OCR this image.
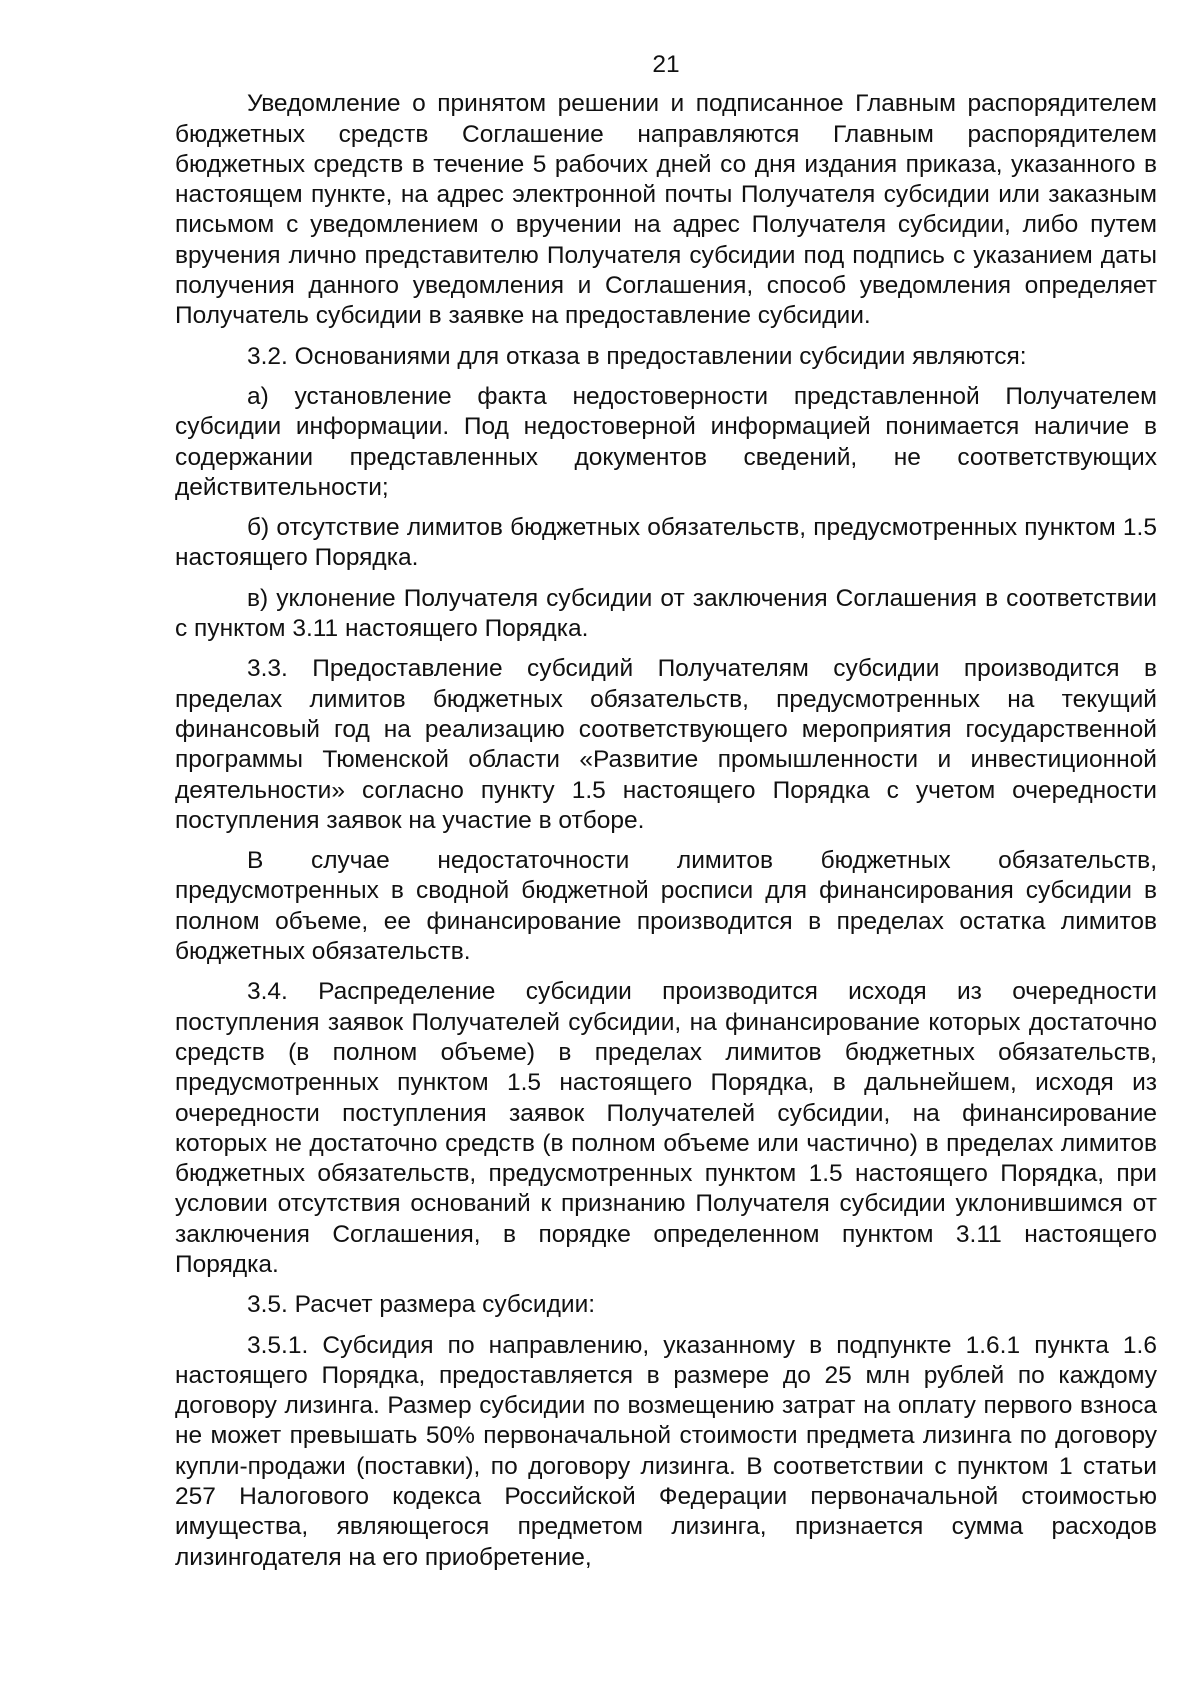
21

Уведомление о принятом решении и подписанное Главным распорядителем бюджетных средств Соглашение направляются Главным распорядителем бюджетных средств в течение 5 рабочих дней со дня издания приказа, указанного в настоящем пункте, на адрес электронной почты Получателя субсидии или заказным письмом с уведомлением о вручении на адрес Получателя субсидии, либо путем вручения лично представителю Получателя субсидии под подпись с указанием даты получения данного уведомления и Соглашения, способ уведомления определяет Получатель субсидии в заявке на предоставление субсидии.

3.2. Основаниями для отказа в предоставлении субсидии являются:

а) установление факта недостоверности представленной Получателем субсидии информации. Под недостоверной информацией понимается наличие в содержании представленных документов сведений, не соответствующих действительности;

б) отсутствие лимитов бюджетных обязательств, предусмотренных пунктом 1.5 настоящего Порядка.

в) уклонение Получателя субсидии от заключения Соглашения в соответствии с пунктом 3.11 настоящего Порядка.

3.3. Предоставление субсидий Получателям субсидии производится в пределах лимитов бюджетных обязательств, предусмотренных на текущий финансовый год на реализацию соответствующего мероприятия государственной программы Тюменской области «Развитие промышленности и инвестиционной деятельности» согласно пункту 1.5 настоящего Порядка с учетом очередности поступления заявок на участие в отборе.

В случае недостаточности лимитов бюджетных обязательств, предусмотренных в сводной бюджетной росписи для финансирования субсидии в полном объеме, ее финансирование производится в пределах остатка лимитов бюджетных обязательств.

3.4. Распределение субсидии производится исходя из очередности поступления заявок Получателей субсидии, на финансирование которых достаточно средств (в полном объеме) в пределах лимитов бюджетных обязательств, предусмотренных пунктом 1.5 настоящего Порядка, в дальнейшем, исходя из очередности поступления заявок Получателей субсидии, на финансирование которых не достаточно средств (в полном объеме или частично) в пределах лимитов бюджетных обязательств, предусмотренных пунктом 1.5 настоящего Порядка, при условии отсутствия оснований к признанию Получателя субсидии уклонившимся от заключения Соглашения, в порядке определенном пунктом 3.11 настоящего Порядка.

3.5. Расчет размера субсидии:

3.5.1. Субсидия по направлению, указанному в подпункте 1.6.1 пункта 1.6 настоящего Порядка, предоставляется в размере до 25 млн рублей по каждому договору лизинга. Размер субсидии по возмещению затрат на оплату первого взноса не может превышать 50% первоначальной стоимости предмета лизинга по договору купли-продажи (поставки), по договору лизинга. В соответствии с пунктом 1 статьи 257 Налогового кодекса Российской Федерации первоначальной стоимостью имущества, являющегося предметом лизинга, признается сумма расходов лизингодателя на его приобретение,
